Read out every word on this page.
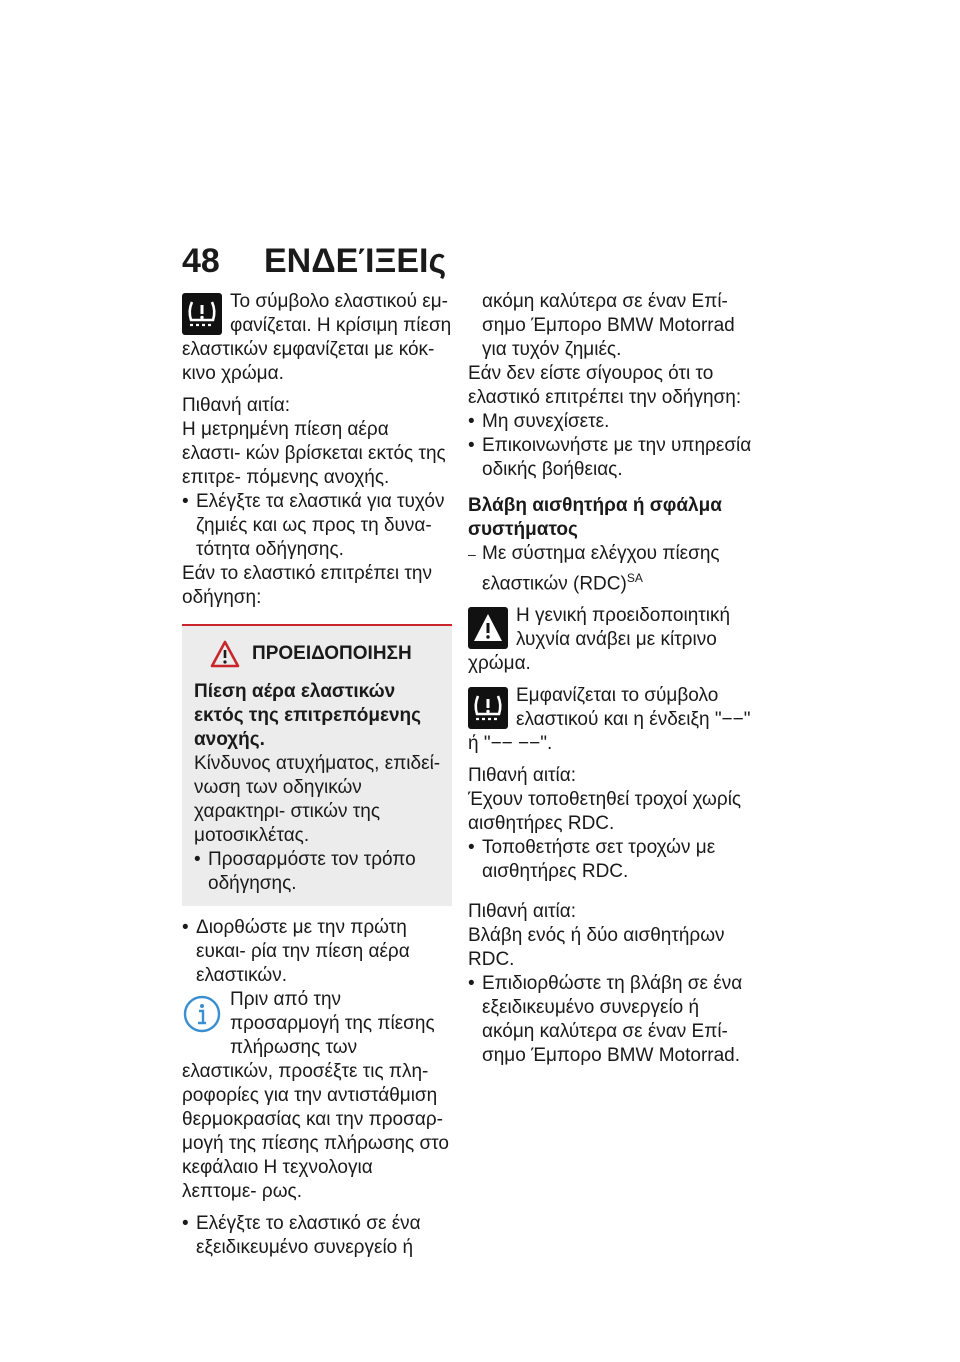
48 ΕΝΔΕΊΞΕΙς

Το σύμβολο ελαστικού εμ- φανίζεται. Η κρίσιμη πίεση ελαστικών εμφανίζεται με κόκ- κινο χρώμα.

Πιθανή αιτία:

Η μετρημένη πίεση αέρα ελαστι- κών βρίσκεται εκτός της επιτρε- πόμενης ανοχής.

• Ελέγξτε τα ελαστικά για τυχόν ζημιές και ως προς τη δυνα- τότητα οδήγησης.

Εάν το ελαστικό επιτρέπει την οδήγηση:

ΠΡΟΕΙΔΟΠΟΙΗΣΗ

Πίεση αέρα ελαστικών εκτός της επιτρεπόμενης ανοχής.

Κίνδυνος ατυχήματος, επιδεί- νωση των οδηγικών χαρακτηρι- στικών της μοτοσικλέτας.

• Προσαρμόστε τον τρόπο οδήγησης.

• Διορθώστε με την πρώτη ευκαι- ρία την πίεση αέρα ελαστικών.

Πριν από την προσαρμογή της πίεσης πλήρωσης των ελαστικών, προσέξτε τις πλη- ροφορίες για την αντιστάθμιση θερμοκρασίας και την προσαρ- μογή της πίεσης πλήρωσης στο κεφάλαιο Η τεχνολογια λεπτομε- ρως.

• Ελέγξτε το ελαστικό σε ένα εξειδικευμένο συνεργείο ή

ακόμη καλύτερα σε έναν Επί- σημο Έμπορο BMW Motorrad για τυχόν ζημιές.

Εάν δεν είστε σίγουρος ότι το ελαστικό επιτρέπει την οδήγηση:

• Μη συνεχίσετε.

• Επικοινωνήστε με την υπηρεσία οδικής βοήθειας.

Βλάβη αισθητήρα ή σφάλμα συστήματος

– Με σύστημα ελέγχου πίεσης ελαστικών (RDC)$^{SA}$

Η γενική προειδοποιητική λυχνία ανάβει με κίτρινο χρώμα.

Εμφανίζεται το σύμβολο ελαστικού και η ένδειξη "−−" ή "−− −−".

Πιθανή αιτία:

Έχουν τοποθετηθεί τροχοί χωρίς αισθητήρες RDC.

• Τοποθετήστε σετ τροχών με αισθητήρες RDC.

Πιθανή αιτία:

Βλάβη ενός ή δύο αισθητήρων RDC.

• Επιδιορθώστε τη βλάβη σε ένα εξειδικευμένο συνεργείο ή ακόμη καλύτερα σε έναν Επί- σημο Έμπορο BMW Motorrad.
